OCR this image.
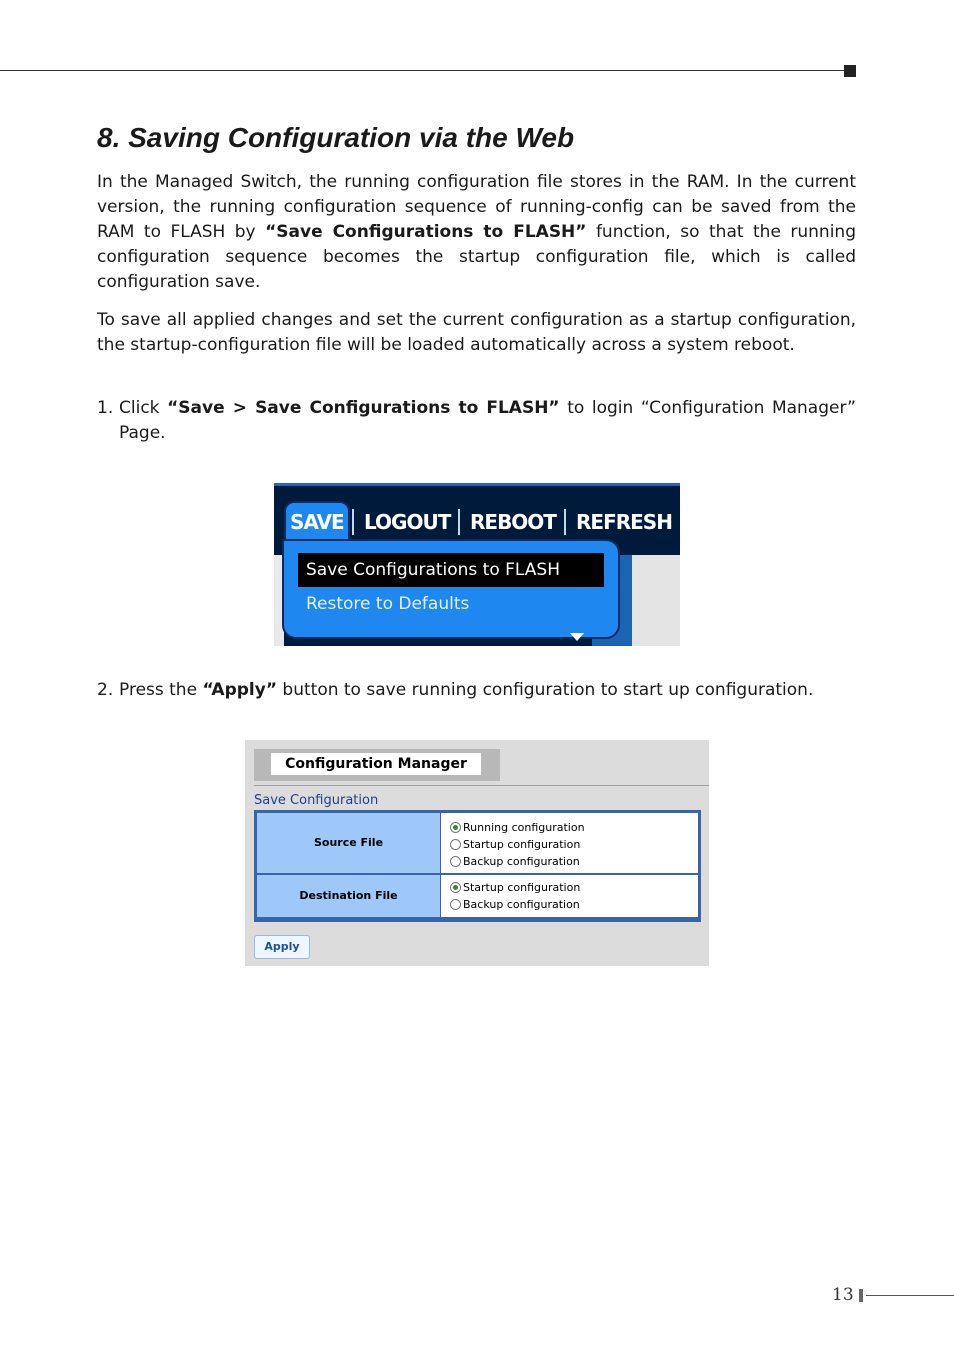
8. Saving Configuration via the Web

In the Managed Switch, the running configuration file stores in the RAM. In the current version, the running configuration sequence of running-config can be saved from the RAM to FLASH by “Save Configurations to FLASH” function, so that the running configuration sequence becomes the startup configuration file, which is called configuration save.

To save all applied changes and set the current configuration as a startup configuration, the startup-configuration file will be loaded automatically across a system reboot.

1. Click “Save > Save Configurations to FLASH” to login “Configuration Manager” Page.
SAVE LOGOUT REBOOT REFRESH
Save Configurations to FLASH
Restore to Defaults
2. Press the “Apply” button to save running configuration to start up configuration.
Configuration Manager
Save Configuration
Source File
Running configuration
Startup configuration
Backup configuration
Destination File
Startup configuration
Backup configuration
Apply
13
